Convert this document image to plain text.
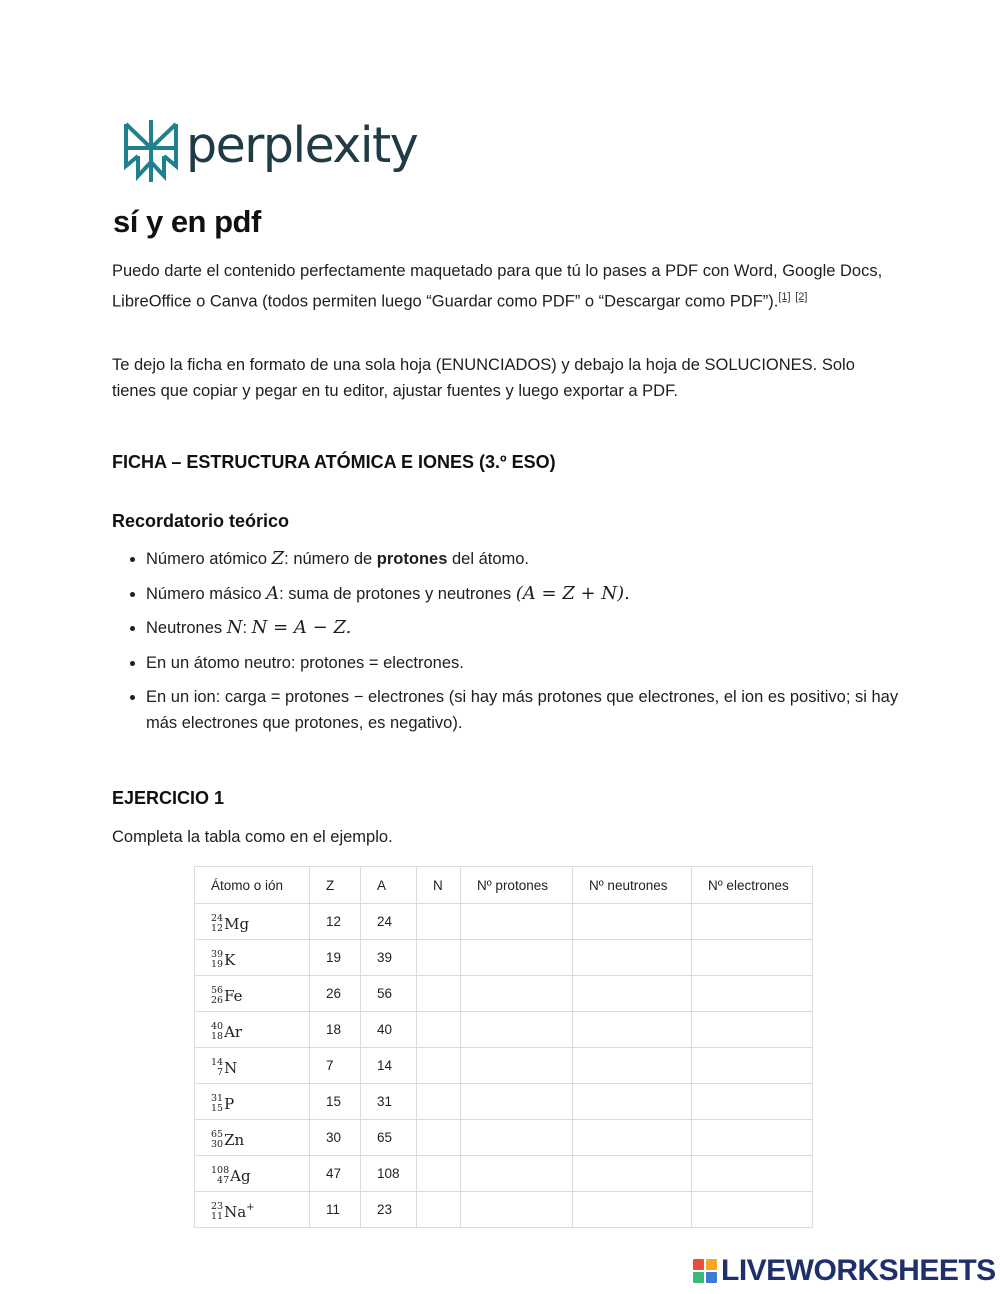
perplexity
sí y en pdf

Puedo darte el contenido perfectamente maquetado para que tú lo pases a PDF con Word, Google Docs, LibreOffice o Canva (todos permiten luego “Guardar como PDF” o “Descargar como PDF”).[1] [2]

Te dejo la ficha en formato de una sola hoja (ENUNCIADOS) y debajo la hoja de SOLUCIONES. Solo tienes que copiar y pegar en tu editor, ajustar fuentes y luego exportar a PDF.

FICHA – ESTRUCTURA ATÓMICA E IONES (3.º ESO)
Recordatorio teórico
• Número atómico Z: número de protones del átomo.
• Número másico A: suma de protones y neutrones (A = Z + N).
• Neutrones N: N = A − Z.
• En un átomo neutro: protones = electrones.
• En un ion: carga = protones − electrones (si hay más protones que electrones, el ion es positivo; si hay más electrones que protones, es negativo).
EJERCICIO 1

Completa la tabla como en el ejemplo.

Átomo o ión	Z	A	N	Nº protones	Nº neutrones	Nº electrones

24
12 Mg	12	24				

39
19 K	19	39				

56
26 Fe	26	56				

40
18 Ar	18	40				

14
7 N	7	14				

31
15 P	15	31				

65
30 Zn	30	65				

108
47 Ag	47	108				

23
11 Na +	11	23				
LIVEWORKSHEETS
